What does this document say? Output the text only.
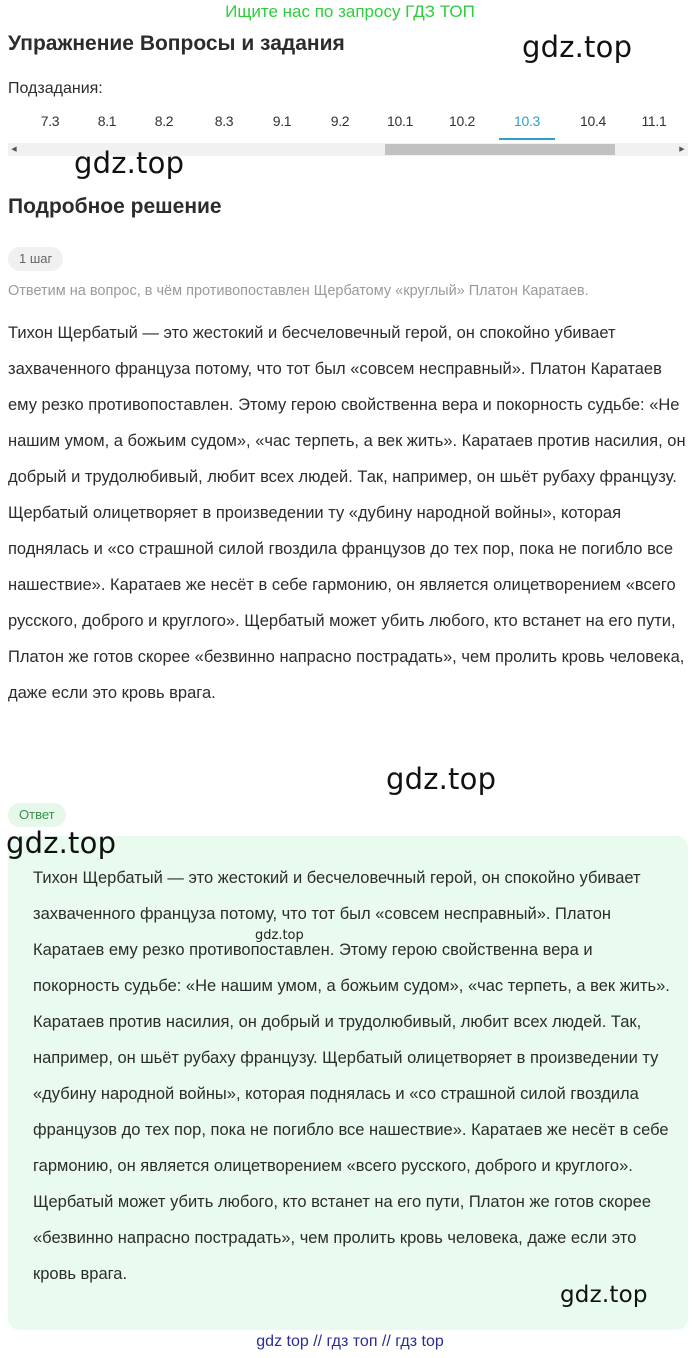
Ищите нас по запросу ГДЗ ТОП
Упражнение Вопросы и задания	gdz.top
Подзадания:
7.3	8.1	8.2	8.3	9.1	9.2	10.1	10.2	10.3	10.4	11.1
◀	▶
gdz.top
Подробное решение
1 шаг

Ответим на вопрос, в чём противопоставлен Щербатому «круглый» Платон Каратаев.

Тихон Щербатый — это жестокий и бесчеловечный герой, он спокойно убивает захваченного француза потому, что тот был «совсем несправный». Платон Каратаев ему резко противопоставлен. Этому герою свойственна вера и покорность судьбе: «Не нашим умом, а божьим судом», «час терпеть, а век жить». Каратаев против насилия, он добрый и трудолюбивый, любит всех людей. Так, например, он шьёт рубаху французу. Щербатый олицетворяет в произведении ту «дубину народной войны», которая поднялась и «со страшной силой гвоздила французов до тех пор, пока не погибло все нашествие». Каратаев же несёт в себе гармонию, он является олицетворением «всего русского, доброго и круглого». Щербатый может убить любого, кто встанет на его пути, Платон же готов скорее «безвинно напрасно пострадать», чем пролить кровь человека, даже если это кровь врага.

gdz.top
Ответ
gdz.top
gdz.top

Тихон Щербатый — это жестокий и бесчеловечный герой, он спокойно убивает захваченного француза потому, что тот был «совсем несправный». Платон Каратаев ему резко противопоставлен. Этому герою свойственна вера и покорность судьбе: «Не нашим умом, а божьим судом», «час терпеть, а век жить». Каратаев против насилия, он добрый и трудолюбивый, любит всех людей. Так, например, он шьёт рубаху французу. Щербатый олицетворяет в произведении ту «дубину народной войны», которая поднялась и «со страшной силой гвоздила французов до тех пор, пока не погибло все нашествие». Каратаев же несёт в себе гармонию, он является олицетворением «всего русского, доброго и круглого». Щербатый может убить любого, кто встанет на его пути, Платон же готов скорее «безвинно напрасно пострадать», чем пролить кровь человека, даже если это кровь врага.

gdz.top
gdz top // гдз топ // гдз top
